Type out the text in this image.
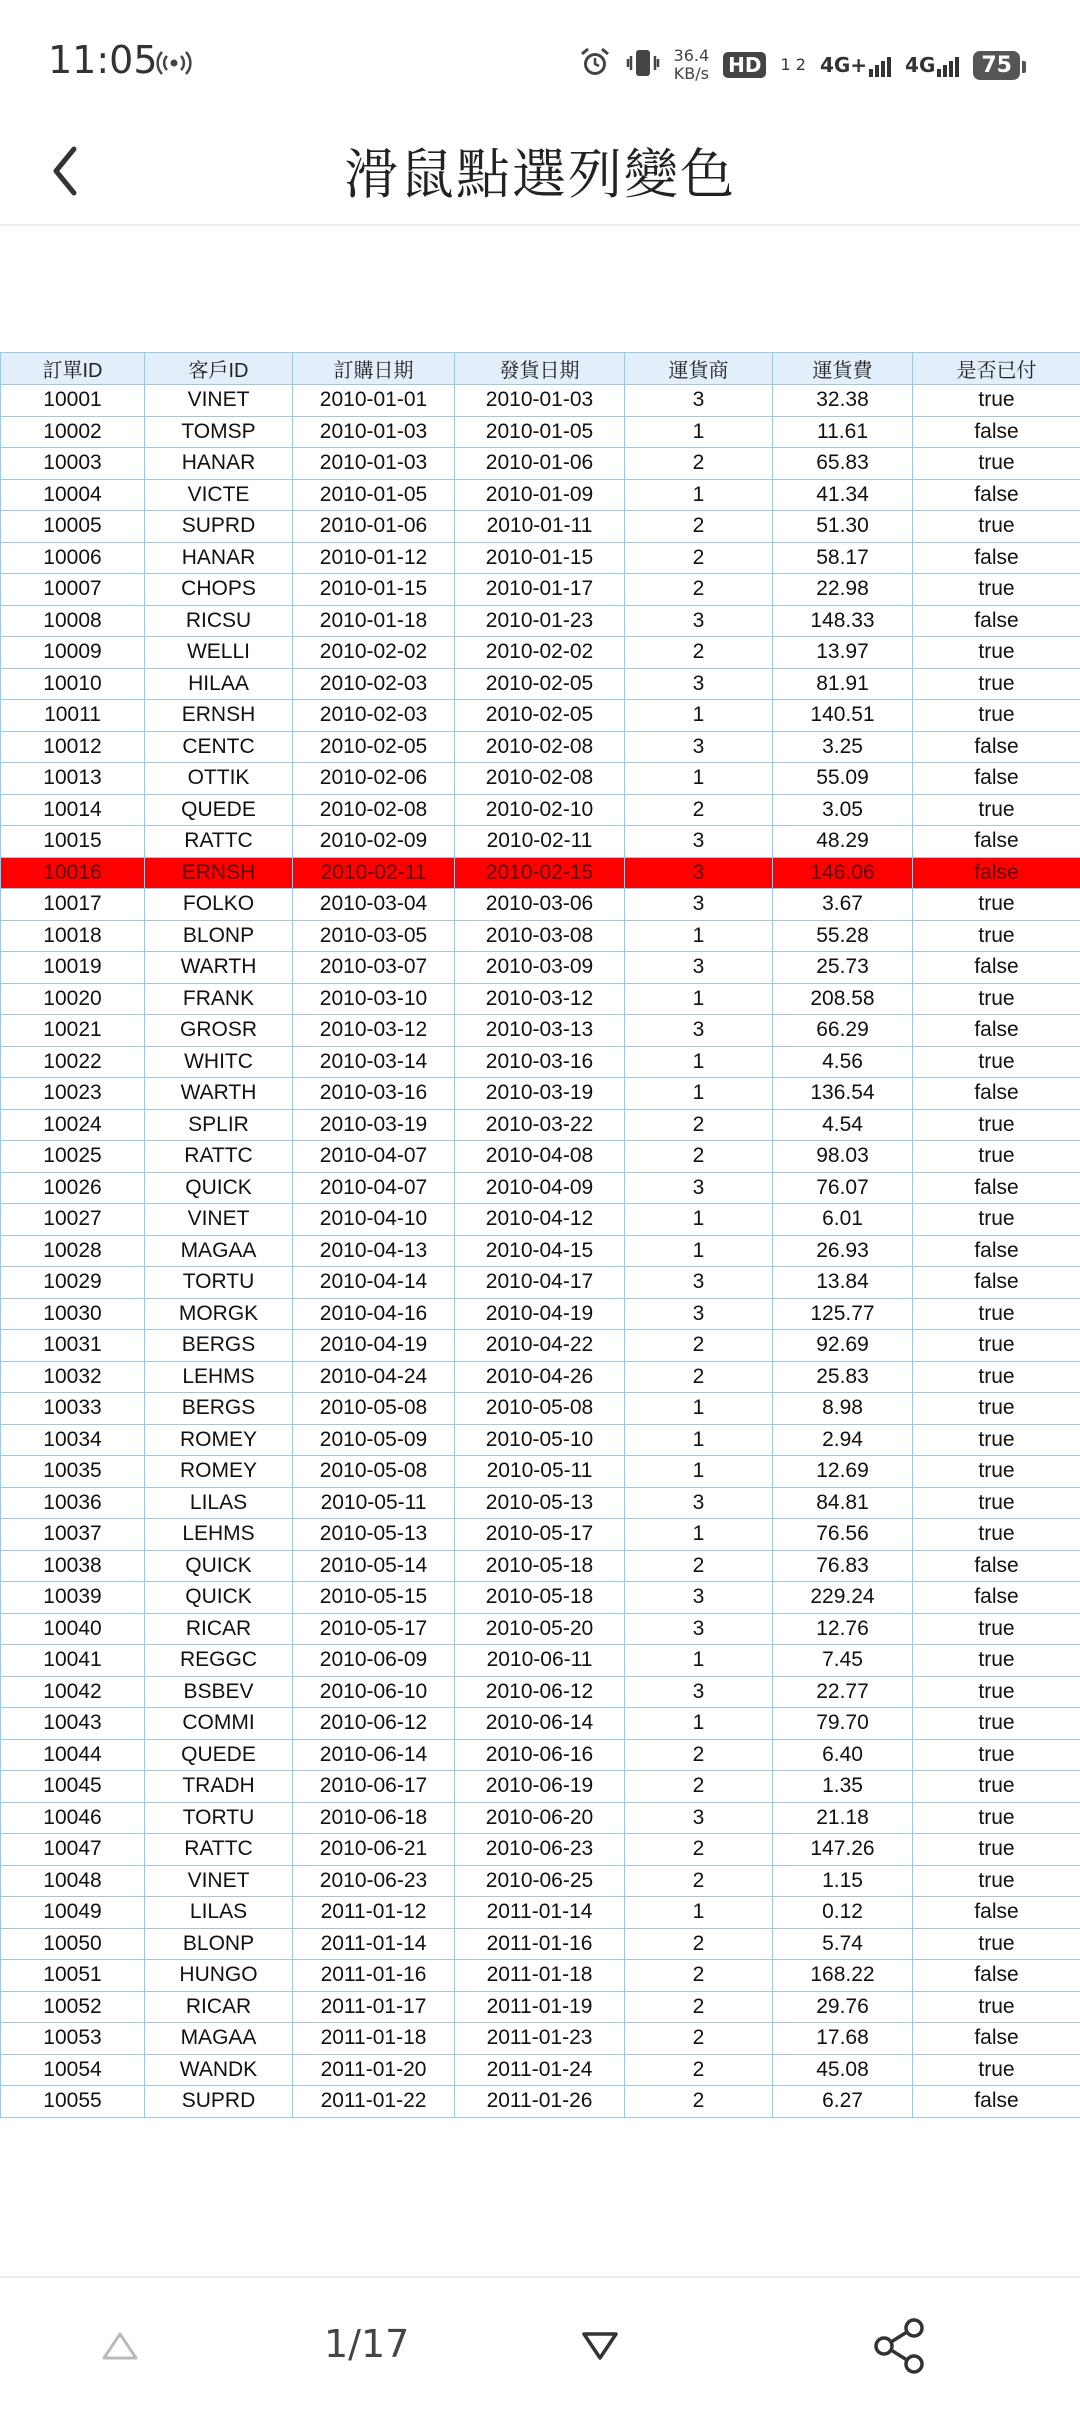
11:05	36.4
KB/s HD	1 2 4G+ 4G	75
滑鼠點選列變色
訂單ID	客戶ID	訂購日期	發貨日期	運貨商	運貨費	是否已付
10001	VINET	2010-01-01	2010-01-03	3	32.38	true
10002	TOMSP	2010-01-03	2010-01-05	1	11.61	false
10003	HANAR	2010-01-03	2010-01-06	2	65.83	true
10004	VICTE	2010-01-05	2010-01-09	1	41.34	false
10005	SUPRD	2010-01-06	2010-01-11	2	51.30	true
10006	HANAR	2010-01-12	2010-01-15	2	58.17	false
10007	CHOPS	2010-01-15	2010-01-17	2	22.98	true
10008	RICSU	2010-01-18	2010-01-23	3	148.33	false
10009	WELLI	2010-02-02	2010-02-02	2	13.97	true
10010	HILAA	2010-02-03	2010-02-05	3	81.91	true
10011	ERNSH	2010-02-03	2010-02-05	1	140.51	true
10012	CENTC	2010-02-05	2010-02-08	3	3.25	false
10013	OTTIK	2010-02-06	2010-02-08	1	55.09	false
10014	QUEDE	2010-02-08	2010-02-10	2	3.05	true
10015	RATTC	2010-02-09	2010-02-11	3	48.29	false
10016	ERNSH	2010-02-11	2010-02-15	3	146.06	false
10017	FOLKO	2010-03-04	2010-03-06	3	3.67	true
10018	BLONP	2010-03-05	2010-03-08	1	55.28	true
10019	WARTH	2010-03-07	2010-03-09	3	25.73	false
10020	FRANK	2010-03-10	2010-03-12	1	208.58	true
10021	GROSR	2010-03-12	2010-03-13	3	66.29	false
10022	WHITC	2010-03-14	2010-03-16	1	4.56	true
10023	WARTH	2010-03-16	2010-03-19	1	136.54	false
10024	SPLIR	2010-03-19	2010-03-22	2	4.54	true
10025	RATTC	2010-04-07	2010-04-08	2	98.03	true
10026	QUICK	2010-04-07	2010-04-09	3	76.07	false
10027	VINET	2010-04-10	2010-04-12	1	6.01	true
10028	MAGAA	2010-04-13	2010-04-15	1	26.93	false
10029	TORTU	2010-04-14	2010-04-17	3	13.84	false
10030	MORGK	2010-04-16	2010-04-19	3	125.77	true
10031	BERGS	2010-04-19	2010-04-22	2	92.69	true
10032	LEHMS	2010-04-24	2010-04-26	2	25.83	true
10033	BERGS	2010-05-08	2010-05-08	1	8.98	true
10034	ROMEY	2010-05-09	2010-05-10	1	2.94	true
10035	ROMEY	2010-05-08	2010-05-11	1	12.69	true
10036	LILAS	2010-05-11	2010-05-13	3	84.81	true
10037	LEHMS	2010-05-13	2010-05-17	1	76.56	true
10038	QUICK	2010-05-14	2010-05-18	2	76.83	false
10039	QUICK	2010-05-15	2010-05-18	3	229.24	false
10040	RICAR	2010-05-17	2010-05-20	3	12.76	true
10041	REGGC	2010-06-09	2010-06-11	1	7.45	true
10042	BSBEV	2010-06-10	2010-06-12	3	22.77	true
10043	COMMI	2010-06-12	2010-06-14	1	79.70	true
10044	QUEDE	2010-06-14	2010-06-16	2	6.40	true
10045	TRADH	2010-06-17	2010-06-19	2	1.35	true
10046	TORTU	2010-06-18	2010-06-20	3	21.18	true
10047	RATTC	2010-06-21	2010-06-23	2	147.26	true
10048	VINET	2010-06-23	2010-06-25	2	1.15	true
10049	LILAS	2011-01-12	2011-01-14	1	0.12	false
10050	BLONP	2011-01-14	2011-01-16	2	5.74	true
10051	HUNGO	2011-01-16	2011-01-18	2	168.22	false
10052	RICAR	2011-01-17	2011-01-19	2	29.76	true
10053	MAGAA	2011-01-18	2011-01-23	2	17.68	false
10054	WANDK	2011-01-20	2011-01-24	2	45.08	true
10055	SUPRD	2011-01-22	2011-01-26	2	6.27	false
1/17
